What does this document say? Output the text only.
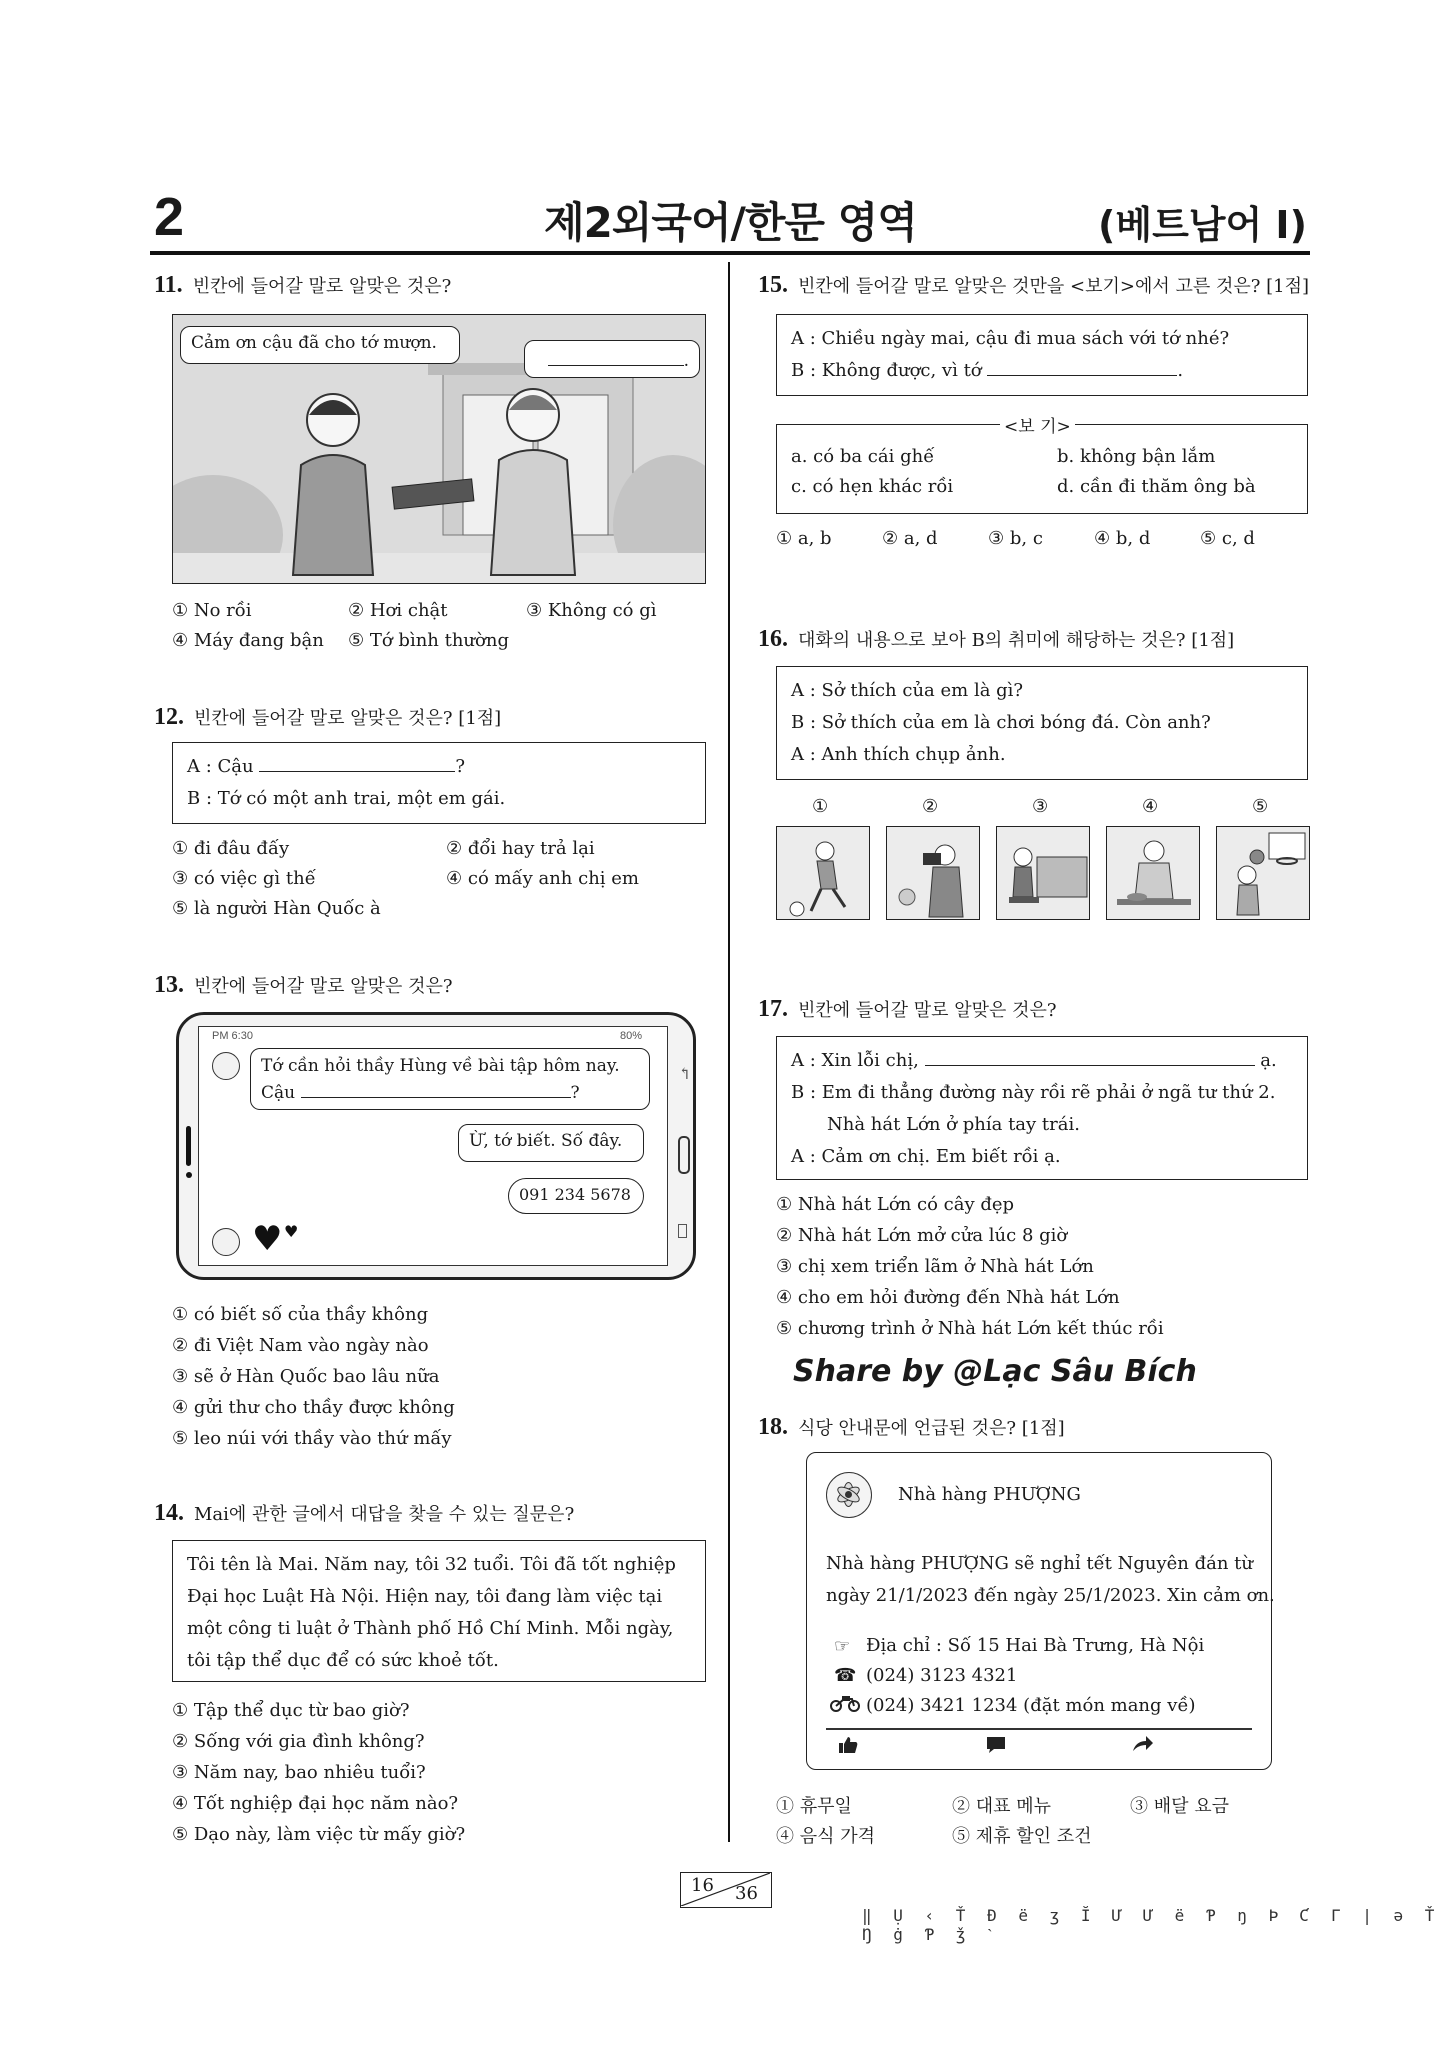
2	제2외국어/한문 영역	(베트남어 I)
11. 빈칸에 들어갈 말로 알맞은 것은?
Cảm ơn cậu đã cho tớ mượn.
.
① No rồi	② Hơi chật	③ Không có gì
④ Máy đang bận ⑤ Tớ bình thường
12. 빈칸에 들어갈 말로 알맞은 것은? [1점]
A : Cậu	?
B : Tớ có một anh trai, một em gái.
① đi đâu đấy	② đổi hay trả lại
③ có việc gì thế	④ có mấy anh chị em
⑤ là người Hàn Quốc à
13. 빈칸에 들어갈 말로 알맞은 것은?
PM 6:30	80%
↰
Tớ cần hỏi thầy Hùng về bài tập hôm nay.
Cậu	?
Ừ, tớ biết. Số đây.
091 234 5678
♥ ♥
① có biết số của thầy không
② đi Việt Nam vào ngày nào
③ sẽ ở Hàn Quốc bao lâu nữa
④ gửi thư cho thầy được không
⑤ leo núi với thầy vào thứ mấy
14. Mai에 관한 글에서 대답을 찾을 수 있는 질문은?
Tôi tên là Mai. Năm nay, tôi 32 tuổi. Tôi đã tốt nghiệp
Đại học Luật Hà Nội. Hiện nay, tôi đang làm việc tại
một công ti luật ở Thành phố Hồ Chí Minh. Mỗi ngày,
tôi tập thể dục để có sức khoẻ tốt.
① Tập thể dục từ bao giờ?
② Sống với gia đình không?
③ Năm nay, bao nhiêu tuổi?
④ Tốt nghiệp đại học năm nào?
⑤ Dạo này, làm việc từ mấy giờ?
15. 빈칸에 들어갈 말로 알맞은 것만을 <보기>에서 고른 것은? [1점]
A : Chiều ngày mai, cậu đi mua sách với tớ nhé?
B : Không được, vì tớ	.
a. có ba cái ghế	b. không bận lắm
c. có hẹn khác rồi	d. cần đi thăm ông bà
<보 기>
① a, b	② a, d	③ b, c	④ b, d	⑤ c, d
16. 대화의 내용으로 보아 B의 취미에 해당하는 것은? [1점]
A : Sở thích của em là gì?
B : Sở thích của em là chơi bóng đá. Còn anh?
A : Anh thích chụp ảnh.
①	②	③	④	⑤
17. 빈칸에 들어갈 말로 알맞은 것은?
A : Xin lỗi chị,	ạ.
B : Em đi thẳng đường này rồi rẽ phải ở ngã tư thứ 2.
Nhà hát Lớn ở phía tay trái.
A : Cảm ơn chị. Em biết rồi ạ.
① Nhà hát Lớn có cây đẹp
② Nhà hát Lớn mở cửa lúc 8 giờ
③ chị xem triển lãm ở Nhà hát Lớn
④ cho em hỏi đường đến Nhà hát Lớn
⑤ chương trình ở Nhà hát Lớn kết thúc rồi
Share by @Lạc Sâu Bích
18. 식당 안내문에 언급된 것은? [1점]
Nhà hàng PHƯỢNG
Nhà hàng PHƯỢNG sẽ nghỉ tết Nguyên đán từ
ngày 21/1/2023 đến ngày 25/1/2023. Xin cảm ơn.
☞ Địa chỉ : Số 15 Hai Bà Trưng, Hà Nội
☎ (024) 3123 4321
(024) 3421 1234 (đặt món mang về)
① 휴무일	② 대표 메뉴	③ 배달 요금
④ 음식 가격	⑤ 제휴 할인 조건
16 36
‖ Ụ ‹ Ť Ð ë ʒ Ĭ Ư Ư ë Ƥ ŋ Þ Ƈ Γ | ə Ť Ŋ ġ Ƥ ǯ ˋ
